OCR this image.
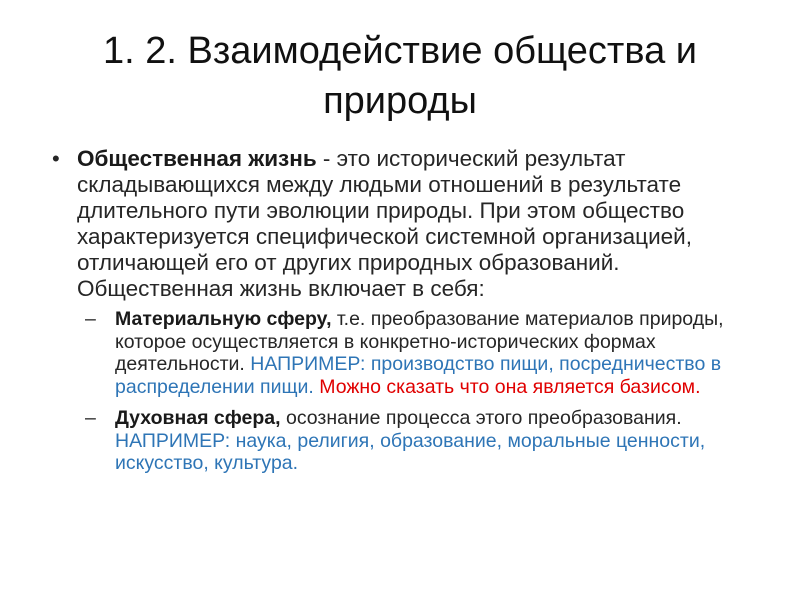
1. 2. Взаимодействие общества и природы
• Общественная жизнь - это исторический результат складывающихся между людьми отношений в результате длительного пути эволюции природы. При этом общество характеризуется специфической системной организацией, отличающей его от других природных образований. Общественная жизнь включает в себя:
– Материальную сферу, т.е. преобразование материалов природы, которое осуществляется в конкретно-исторических формах деятельности. НАПРИМЕР: производство пищи, посредничество в распределении пищи. Можно сказать что она является базисом.
– Духовная сфера, осознание процесса этого преобразования. НАПРИМЕР: наука, религия, образование, моральные ценности, искусство, культура.
